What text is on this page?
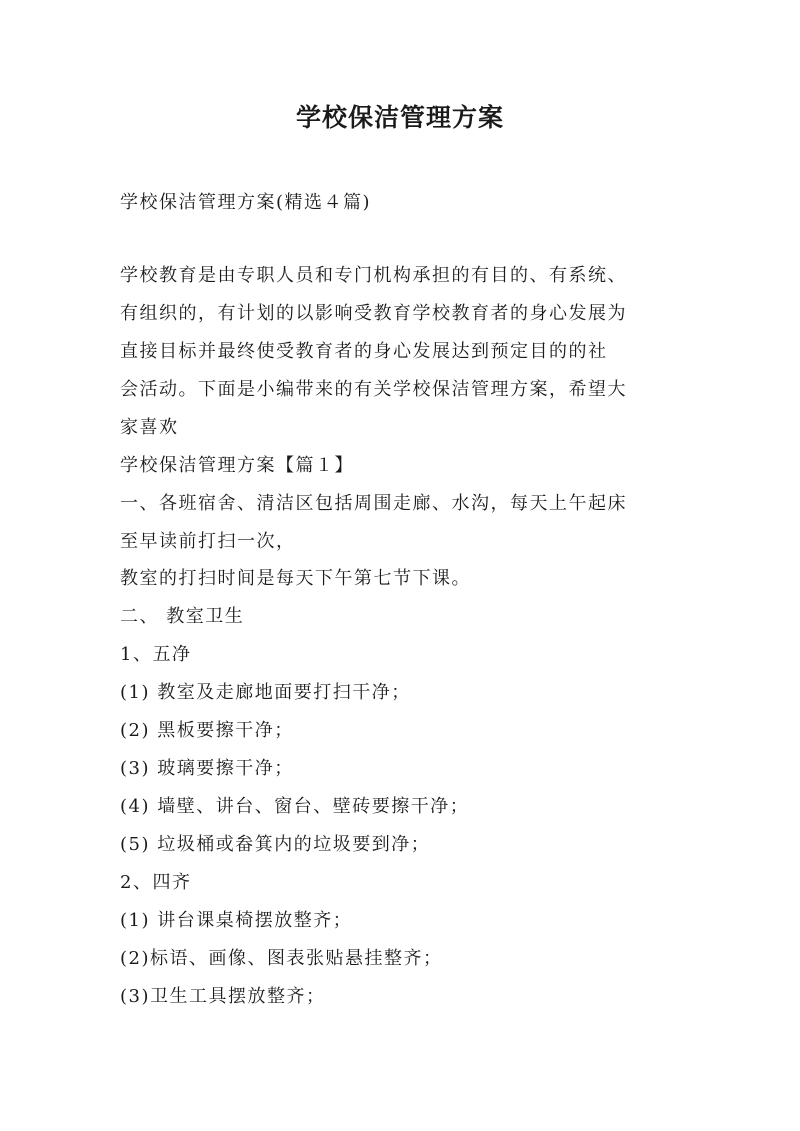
学校保洁管理方案

学校保洁管理方案(精选４篇)

学校教育是由专职人员和专门机构承担的有目的、有系统、

有组织的，有计划的以影响受教育学校教育者的身心发展为

直接目标并最终使受教育者的身心发展达到预定目的的社

会活动。下面是小编带来的有关学校保洁管理方案，希望大

家喜欢

学校保洁管理方案【篇１】

一、各班宿舍、清洁区包括周围走廊、水沟，每天上午起床

至早读前打扫一次，

教室的打扫时间是每天下午第七节下课。

二、 教室卫生

1、五净

(1) 教室及走廊地面要打扫干净；

(2) 黑板要擦干净；

(3) 玻璃要擦干净；

(4) 墙壁、讲台、窗台、壁砖要擦干净；

(5) 垃圾桶或畚箕内的垃圾要到净；

2、四齐

(1) 讲台课桌椅摆放整齐；

(2)标语、画像、图表张贴悬挂整齐；

(3)卫生工具摆放整齐；
